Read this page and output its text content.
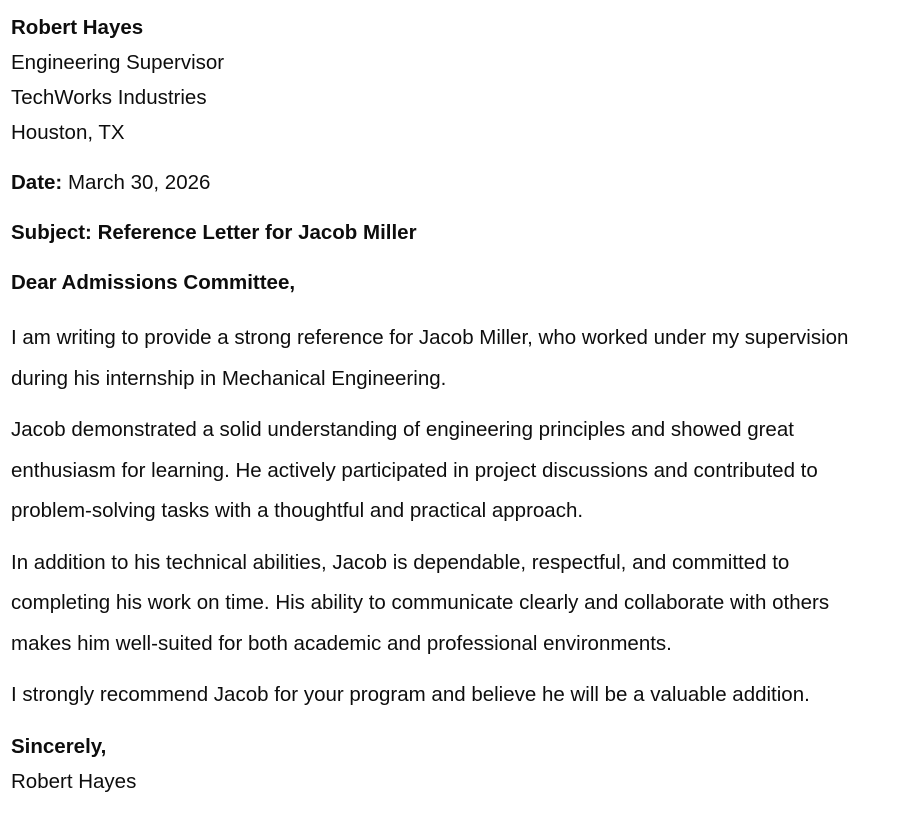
Robert Hayes
Engineering Supervisor
TechWorks Industries
Houston, TX
Date: March 30, 2026
Subject: Reference Letter for Jacob Miller
Dear Admissions Committee,
I am writing to provide a strong reference for Jacob Miller, who worked under my supervision during his internship in Mechanical Engineering.
Jacob demonstrated a solid understanding of engineering principles and showed great enthusiasm for learning. He actively participated in project discussions and contributed to problem-solving tasks with a thoughtful and practical approach.
In addition to his technical abilities, Jacob is dependable, respectful, and committed to completing his work on time. His ability to communicate clearly and collaborate with others makes him well-suited for both academic and professional environments.
I strongly recommend Jacob for your program and believe he will be a valuable addition.
Sincerely,
Robert Hayes
